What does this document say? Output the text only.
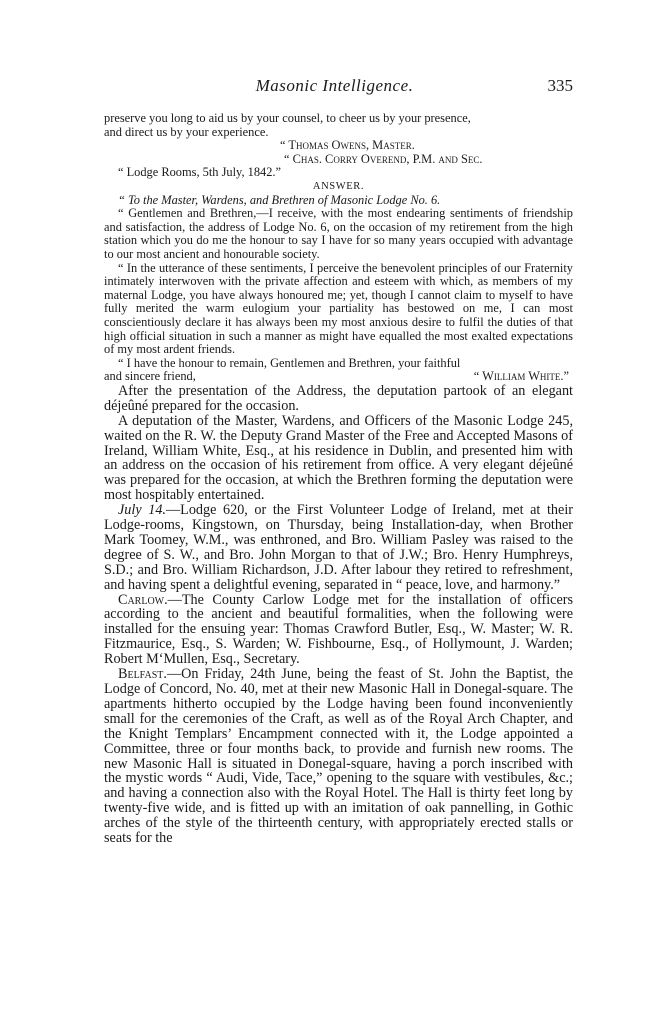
Masonic Intelligence.	335

preserve you long to aid us by your counsel, to cheer us by your presence,

and direct us by your experience.

“ Thomas Owens, Master.

“ Chas. Corry Overend, P.M. and Sec.

“ Lodge Rooms, 5th July, 1842.”

ANSWER.

“ To the Master, Wardens, and Brethren of Masonic Lodge No. 6.

“ Gentlemen and Brethren,—I receive, with the most endearing sentiments of friendship and satisfaction, the address of Lodge No. 6, on the occasion of my retirement from the high station which you do me the honour to say I have for so many years occupied with advantage to our most ancient and honourable society.

“ In the utterance of these sentiments, I perceive the benevolent principles of our Fraternity intimately interwoven with the private affection and esteem with which, as members of my maternal Lodge, you have always honoured me; yet, though I cannot claim to myself to have fully merited the warm eulogium your partiality has bestowed on me, I can most conscientiously declare it has always been my most anxious desire to fulfil the duties of that high official situation in such a manner as might have equalled the most exalted expectations of my most ardent friends.

“ I have the honour to remain, Gentlemen and Brethren, your faithful

and sincere friend,	“ William White.”

After the presentation of the Address, the deputation partook of an elegant déjeûné prepared for the occasion.

A deputation of the Master, Wardens, and Officers of the Masonic Lodge 245, waited on the R. W. the Deputy Grand Master of the Free and Accepted Masons of Ireland, William White, Esq., at his residence in Dublin, and presented him with an address on the occasion of his retirement from office. A very elegant déjeûné was prepared for the occasion, at which the Brethren forming the deputation were most hospitably entertained.

July 14.—Lodge 620, or the First Volunteer Lodge of Ireland, met at their Lodge-rooms, Kingstown, on Thursday, being Installation-day, when Brother Mark Toomey, W.M., was enthroned, and Bro. William Pasley was raised to the degree of S. W., and Bro. John Morgan to that of J.W.; Bro. Henry Humphreys, S.D.; and Bro. William Richardson, J.D. After labour they retired to refreshment, and having spent a delightful evening, separated in “ peace, love, and harmony.”

Carlow.—The County Carlow Lodge met for the installation of officers according to the ancient and beautiful formalities, when the following were installed for the ensuing year: Thomas Crawford Butler, Esq., W. Master; W. R. Fitzmaurice, Esq., S. Warden; W. Fishbourne, Esq., of Hollymount, J. Warden; Robert M‘Mullen, Esq., Secretary.

Belfast.—On Friday, 24th June, being the feast of St. John the Baptist, the Lodge of Concord, No. 40, met at their new Masonic Hall in Donegal-square. The apartments hitherto occupied by the Lodge having been found inconveniently small for the ceremonies of the Craft, as well as of the Royal Arch Chapter, and the Knight Templars’ Encampment connected with it, the Lodge appointed a Committee, three or four months back, to provide and furnish new rooms. The new Masonic Hall is situated in Donegal-square, having a porch inscribed with the mystic words “ Audi, Vide, Tace,” opening to the square with vestibules, &c.; and having a connection also with the Royal Hotel. The Hall is thirty feet long by twenty-five wide, and is fitted up with an imitation of oak pannelling, in Gothic arches of the style of the thirteenth century, with appropriately erected stalls or seats for the
